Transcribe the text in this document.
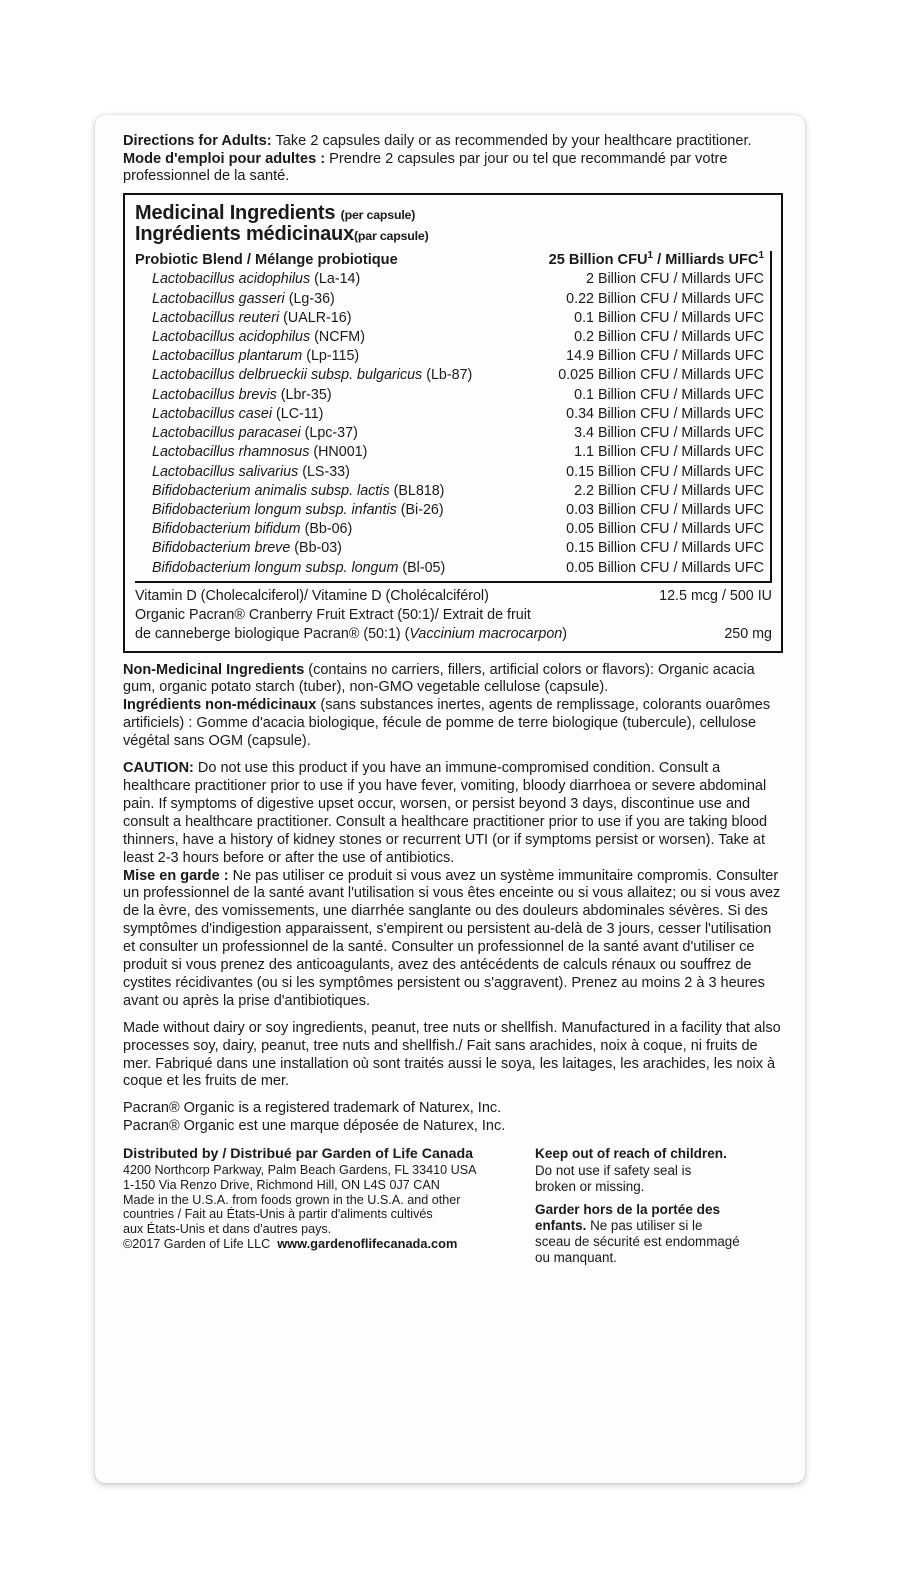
Directions for Adults: Take 2 capsules daily or as recommended by your healthcare practitioner.

Mode d'emploi pour adultes : Prendre 2 capsules par jour ou tel que recommandé par votre professionnel de la santé.

Medicinal Ingredients (per capsule)
Ingrédients médicinaux(par capsule)
Probiotic Blend / Mélange probiotique	25 Billion CFU$^1$ / Milliards UFC$^1$
Lactobacillus acidophilus (La-14)	2 Billion CFU / Millards UFC
Lactobacillus gasseri (Lg-36)	0.22 Billion CFU / Millards UFC
Lactobacillus reuteri (UALR-16)	0.1 Billion CFU / Millards UFC
Lactobacillus acidophilus (NCFM)	0.2 Billion CFU / Millards UFC
Lactobacillus plantarum (Lp-115)	14.9 Billion CFU / Millards UFC
Lactobacillus delbrueckii subsp. bulgaricus (Lb-87)	0.025 Billion CFU / Millards UFC
Lactobacillus brevis (Lbr-35)	0.1 Billion CFU / Millards UFC
Lactobacillus casei (LC-11)	0.34 Billion CFU / Millards UFC
Lactobacillus paracasei (Lpc-37)	3.4 Billion CFU / Millards UFC
Lactobacillus rhamnosus (HN001)	1.1 Billion CFU / Millards UFC
Lactobacillus salivarius (LS-33)	0.15 Billion CFU / Millards UFC
Bifidobacterium animalis subsp. lactis (BL818)	2.2 Billion CFU / Millards UFC
Bifidobacterium longum subsp. infantis (Bi-26)	0.03 Billion CFU / Millards UFC
Bifidobacterium bifidum (Bb-06)	0.05 Billion CFU / Millards UFC
Bifidobacterium breve (Bb-03)	0.15 Billion CFU / Millards UFC
Bifidobacterium longum subsp. longum (Bl-05)	0.05 Billion CFU / Millards UFC
Vitamin D (Cholecalciferol)/ Vitamine D (Cholécalciférol)	12.5 mcg / 500 IU
Organic Pacran® Cranberry Fruit Extract (50:1)/ Extrait de fruit
de canneberge biologique Pacran® (50:1) (Vaccinium macrocarpon)	250 mg
Non-Medicinal Ingredients (contains no carriers, fillers, artificial colors or flavors): Organic acacia gum, organic potato starch (tuber), non-GMO vegetable cellulose (capsule).
Ingrédients non-médicinaux (sans substances inertes, agents de remplissage, colorants ouarômes artificiels) : Gomme d'acacia biologique, fécule de pomme de terre biologique (tubercule), cellulose végétal sans OGM (capsule).
CAUTION: Do not use this product if you have an immune-compromised condition. Consult a healthcare practitioner prior to use if you have fever, vomiting, bloody diarrhoea or severe abdominal pain. If symptoms of digestive upset occur, worsen, or persist beyond 3 days, discontinue use and consult a healthcare practitioner. Consult a healthcare practitioner prior to use if you are taking blood thinners, have a history of kidney stones or recurrent UTI (or if symptoms persist or worsen). Take at least 2-3 hours before or after the use of antibiotics.
Mise en garde : Ne pas utiliser ce produit si vous avez un système immunitaire compromis. Consulter un professionnel de la santé avant l'utilisation si vous êtes enceinte ou si vous allaitez; ou si vous avez de la èvre, des vomissements, une diarrhée sanglante ou des douleurs abdominales sévères. Si des symptômes d'indigestion apparaissent, s'empirent ou persistent au-delà de 3 jours, cesser l'utilisation et consulter un professionnel de la santé. Consulter un professionnel de la santé avant d'utiliser ce produit si vous prenez des anticoagulants, avez des antécédents de calculs rénaux ou souffrez de cystites récidivantes (ou si les symptômes persistent ou s'aggravent). Prenez au moins 2 à 3 heures avant ou après la prise d'antibiotiques.
Made without dairy or soy ingredients, peanut, tree nuts or shellfish. Manufactured in a facility that also processes soy, dairy, peanut, tree nuts and shellfish./ Fait sans arachides, noix à coque, ni fruits de mer. Fabriqué dans une installation où sont traités aussi le soya, les laitages, les arachides, les noix à coque et les fruits de mer.
Pacran® Organic is a registered trademark of Naturex, Inc.
Pacran® Organic est une marque déposée de Naturex, Inc.
Distributed by / Distribué par Garden of Life Canada
4200 Northcorp Parkway, Palm Beach Gardens, FL 33410 USA
1-150 Via Renzo Drive, Richmond Hill, ON L4S 0J7 CAN
Made in the U.S.A. from foods grown in the U.S.A. and other
countries / Fait au États-Unis à partir d'aliments cultivés
aux États-Unis et dans d'autres pays.
©2017 Garden of Life LLC www.gardenoflifecanada.com
Keep out of reach of children.
Do not use if safety seal is
broken or missing.
Garder hors de la portée des
enfants. Ne pas utiliser si le
sceau de sécurité est endommagé
ou manquant.
